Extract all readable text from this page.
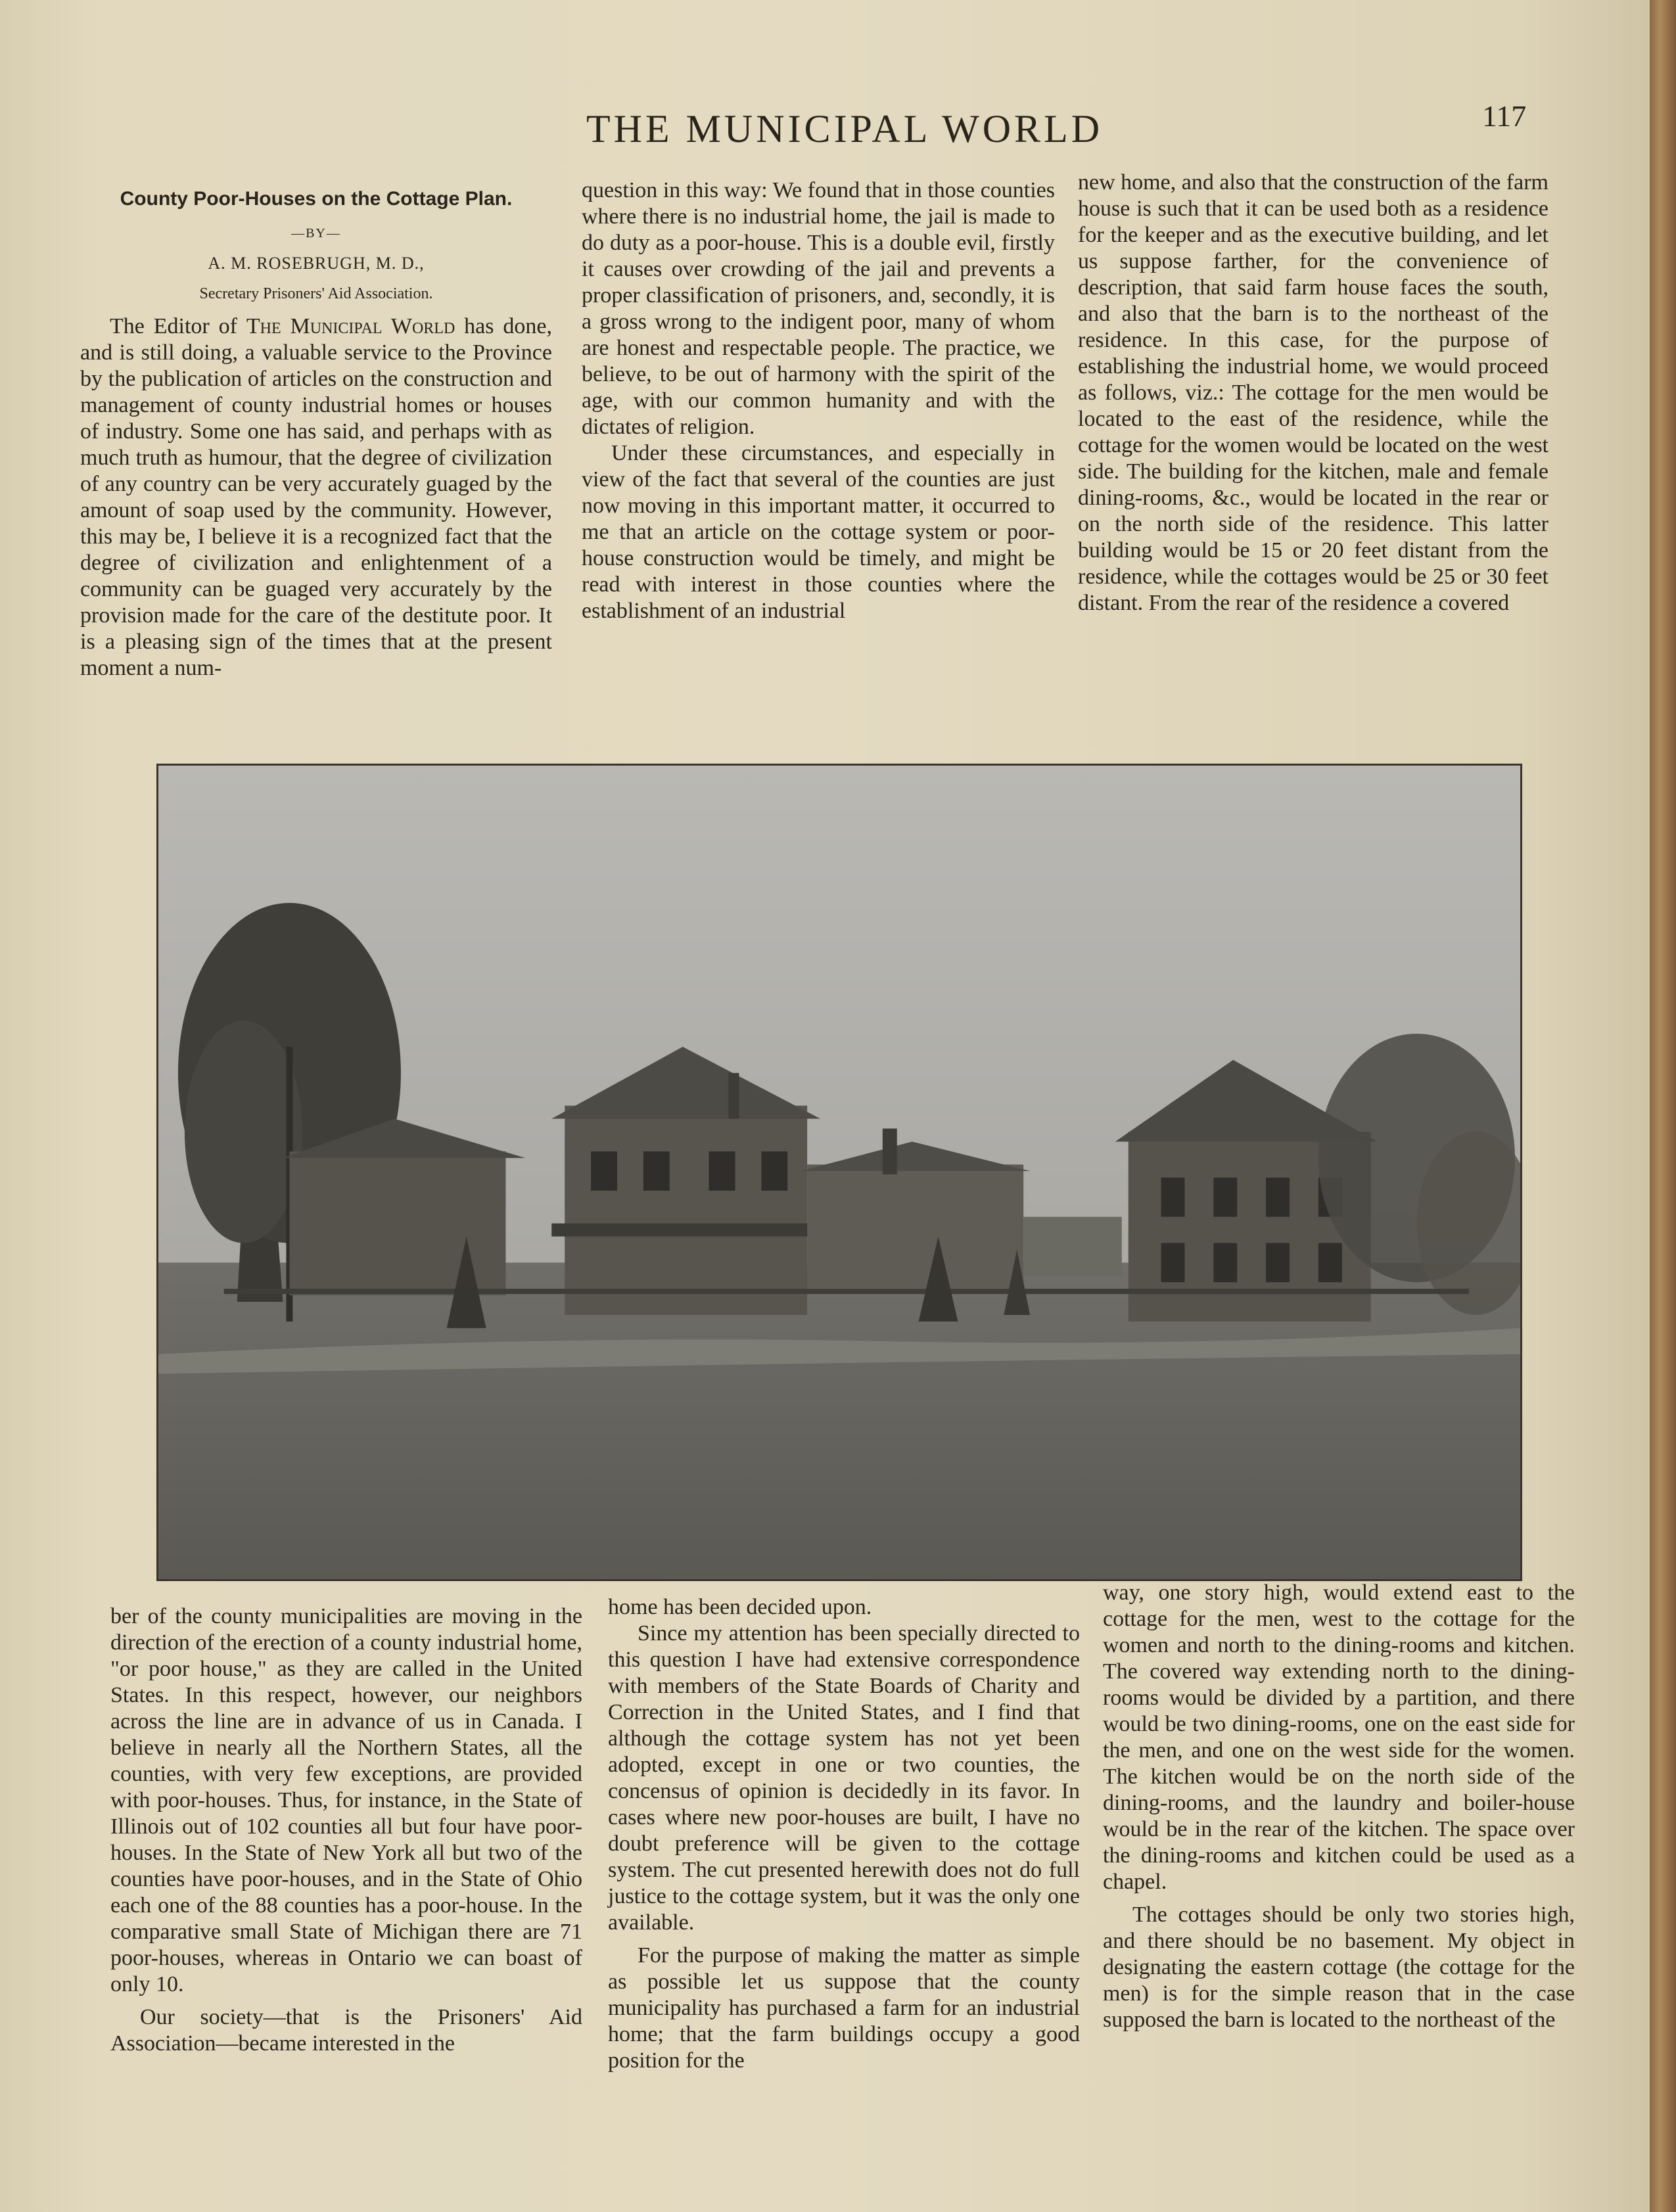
THE MUNICIPAL WORLD	117
County Poor-Houses on the Cottage Plan.
—BY—
A. M. ROSEBRUGH, M. D.,
Secretary Prisoners' Aid Association.

The Editor of The Municipal World has done, and is still doing, a valuable service to the Province by the publication of articles on the construction and management of county industrial homes or houses of industry. Some one has said, and perhaps with as much truth as humour, that the degree of civilization of any country can be very accurately guaged by the amount of soap used by the community. However, this may be, I believe it is a recognized fact that the degree of civilization and enlightenment of a community can be guaged very accurately by the provision made for the care of the destitute poor. It is a pleasing sign of the times that at the present moment a num-

question in this way: We found that in those counties where there is no industrial home, the jail is made to do duty as a poor-house. This is a double evil, firstly it causes over crowding of the jail and prevents a proper classification of prisoners, and, secondly, it is a gross wrong to the indigent poor, many of whom are honest and respectable people. The practice, we believe, to be out of harmony with the spirit of the age, with our common humanity and with the dictates of religion.

Under these circumstances, and especially in view of the fact that several of the counties are just now moving in this important matter, it occurred to me that an article on the cottage system or poor-house construction would be timely, and might be read with interest in those counties where the establishment of an industrial

new home, and also that the construction of the farm house is such that it can be used both as a residence for the keeper and as the executive building, and let us suppose farther, for the convenience of description, that said farm house faces the south, and also that the barn is to the northeast of the residence. In this case, for the purpose of establishing the industrial home, we would proceed as follows, viz.: The cottage for the men would be located to the east of the residence, while the cottage for the women would be located on the west side. The building for the kitchen, male and female dining-rooms, &c., would be located in the rear or on the north side of the residence. This latter building would be 15 or 20 feet distant from the residence, while the cottages would be 25 or 30 feet distant. From the rear of the residence a covered

ber of the county municipalities are moving in the direction of the erection of a county industrial home, "or poor house," as they are called in the United States. In this respect, however, our neighbors across the line are in advance of us in Canada. I believe in nearly all the Northern States, all the counties, with very few exceptions, are provided with poor-houses. Thus, for instance, in the State of Illinois out of 102 counties all but four have poor-houses. In the State of New York all but two of the counties have poor-houses, and in the State of Ohio each one of the 88 counties has a poor-house. In the comparative small State of Michigan there are 71 poor-houses, whereas in Ontario we can boast of only 10.

Our society—that is the Prisoners' Aid Association—became interested in the

home has been decided upon.

Since my attention has been specially directed to this question I have had extensive correspondence with members of the State Boards of Charity and Correction in the United States, and I find that although the cottage system has not yet been adopted, except in one or two counties, the concensus of opinion is decidedly in its favor. In cases where new poor-houses are built, I have no doubt preference will be given to the cottage system. The cut presented herewith does not do full justice to the cottage system, but it was the only one available.

For the purpose of making the matter as simple as possible let us suppose that the county municipality has purchased a farm for an industrial home; that the farm buildings occupy a good position for the

way, one story high, would extend east to the cottage for the men, west to the cottage for the women and north to the dining-rooms and kitchen. The covered way extending north to the dining-rooms would be divided by a partition, and there would be two dining-rooms, one on the east side for the men, and one on the west side for the women. The kitchen would be on the north side of the dining-rooms, and the laundry and boiler-house would be in the rear of the kitchen. The space over the dining-rooms and kitchen could be used as a chapel.

The cottages should be only two stories high, and there should be no basement. My object in designating the eastern cottage (the cottage for the men) is for the simple reason that in the case supposed the barn is located to the northeast of the
